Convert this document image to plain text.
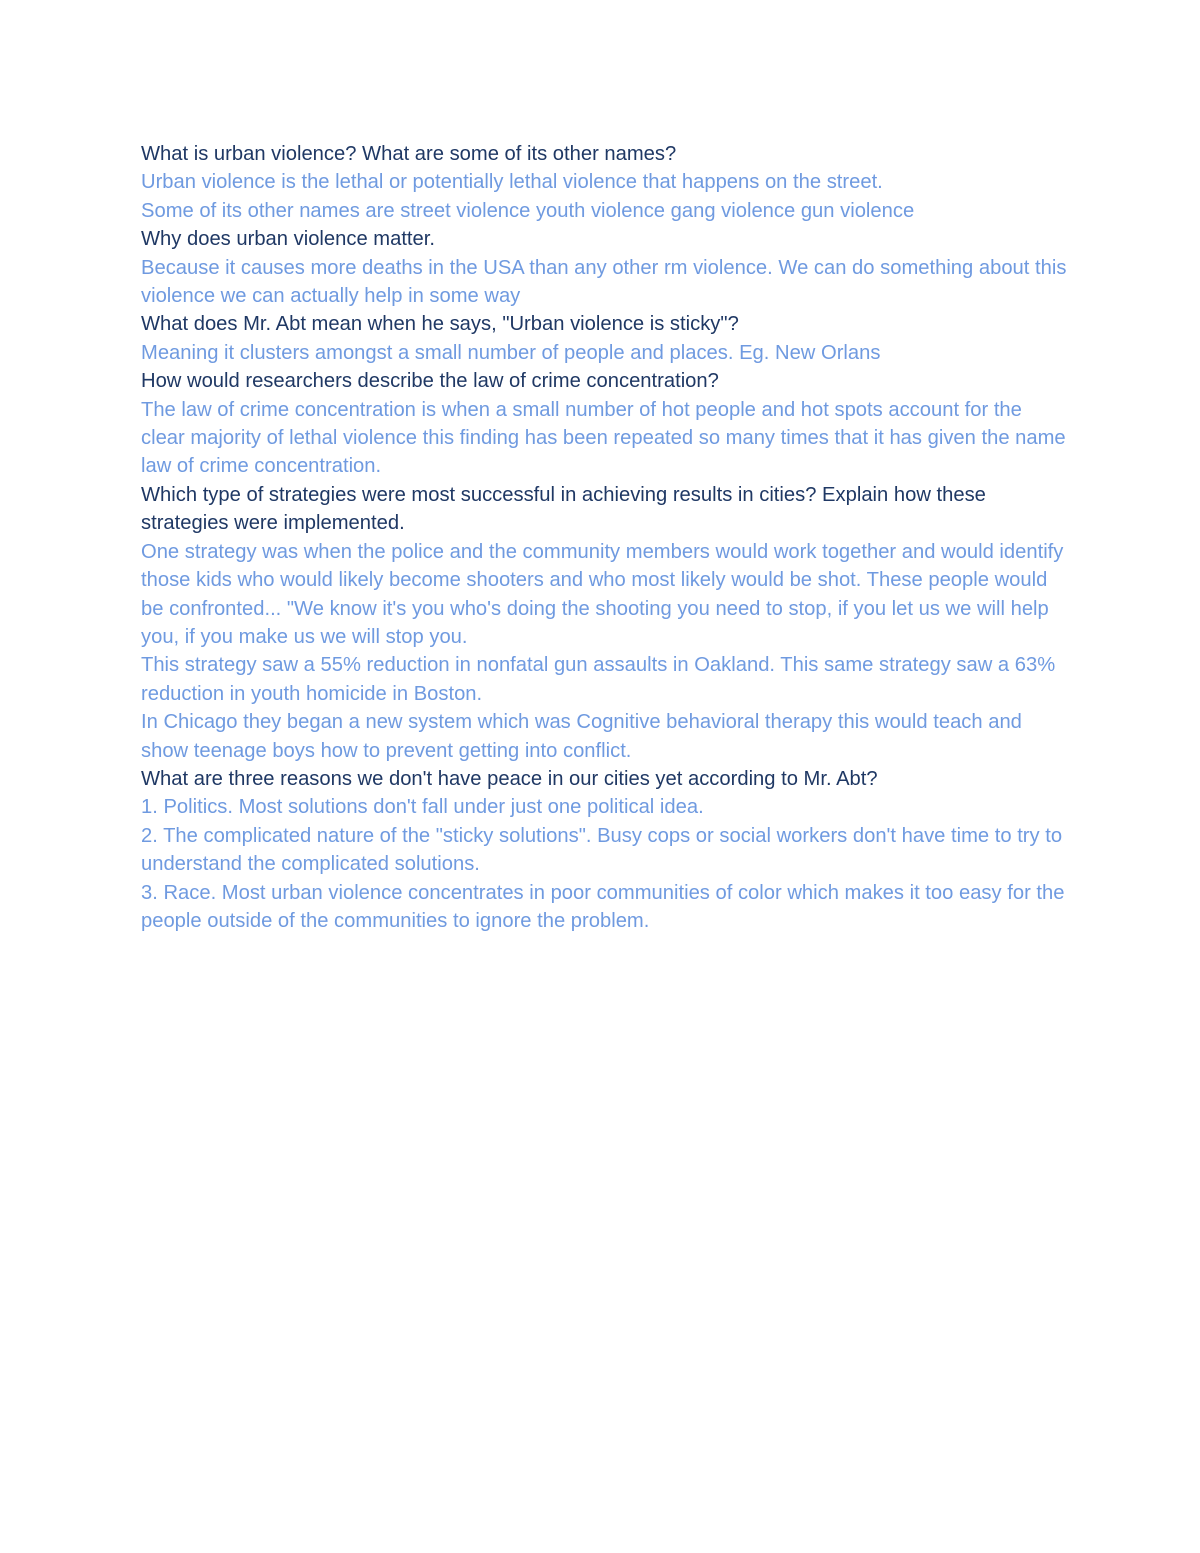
What is urban violence? What are some of its other names?

Urban violence is the lethal or potentially lethal violence that happens on the street.

Some of its other names are street violence youth violence gang violence gun violence

Why does urban violence matter.

Because it causes more deaths in the USA than any other rm violence. We can do something about this violence we can actually help in some way

What does Mr. Abt mean when he says, "Urban violence is sticky"?

Meaning it clusters amongst a small number of people and places. Eg. New Orlans

How would researchers describe the law of crime concentration?

The law of crime concentration is when a small number of hot people and hot spots account for the clear majority of lethal violence this finding has been repeated so many times that it has given the name law of crime concentration.

Which type of strategies were most successful in achieving results in cities? Explain how these strategies were implemented.

One strategy was when the police and the community members would work together and would identify those kids who would likely become shooters and who most likely would be shot. These people would be confronted... "We know it's you who's doing the shooting you need to stop, if you let us we will help you, if you make us we will stop you.

This strategy saw a 55% reduction in nonfatal gun assaults in Oakland. This same strategy saw a 63% reduction in youth homicide in Boston.

In Chicago they began a new system which was Cognitive behavioral therapy this would teach and show teenage boys how to prevent getting into conflict.

What are three reasons we don't have peace in our cities yet according to Mr. Abt?

1. Politics. Most solutions don't fall under just one political idea.

2. The complicated nature of the "sticky solutions". Busy cops or social workers don't have time to try to understand the complicated solutions.

3. Race. Most urban violence concentrates in poor communities of color which makes it too easy for the people outside of the communities to ignore the problem.
